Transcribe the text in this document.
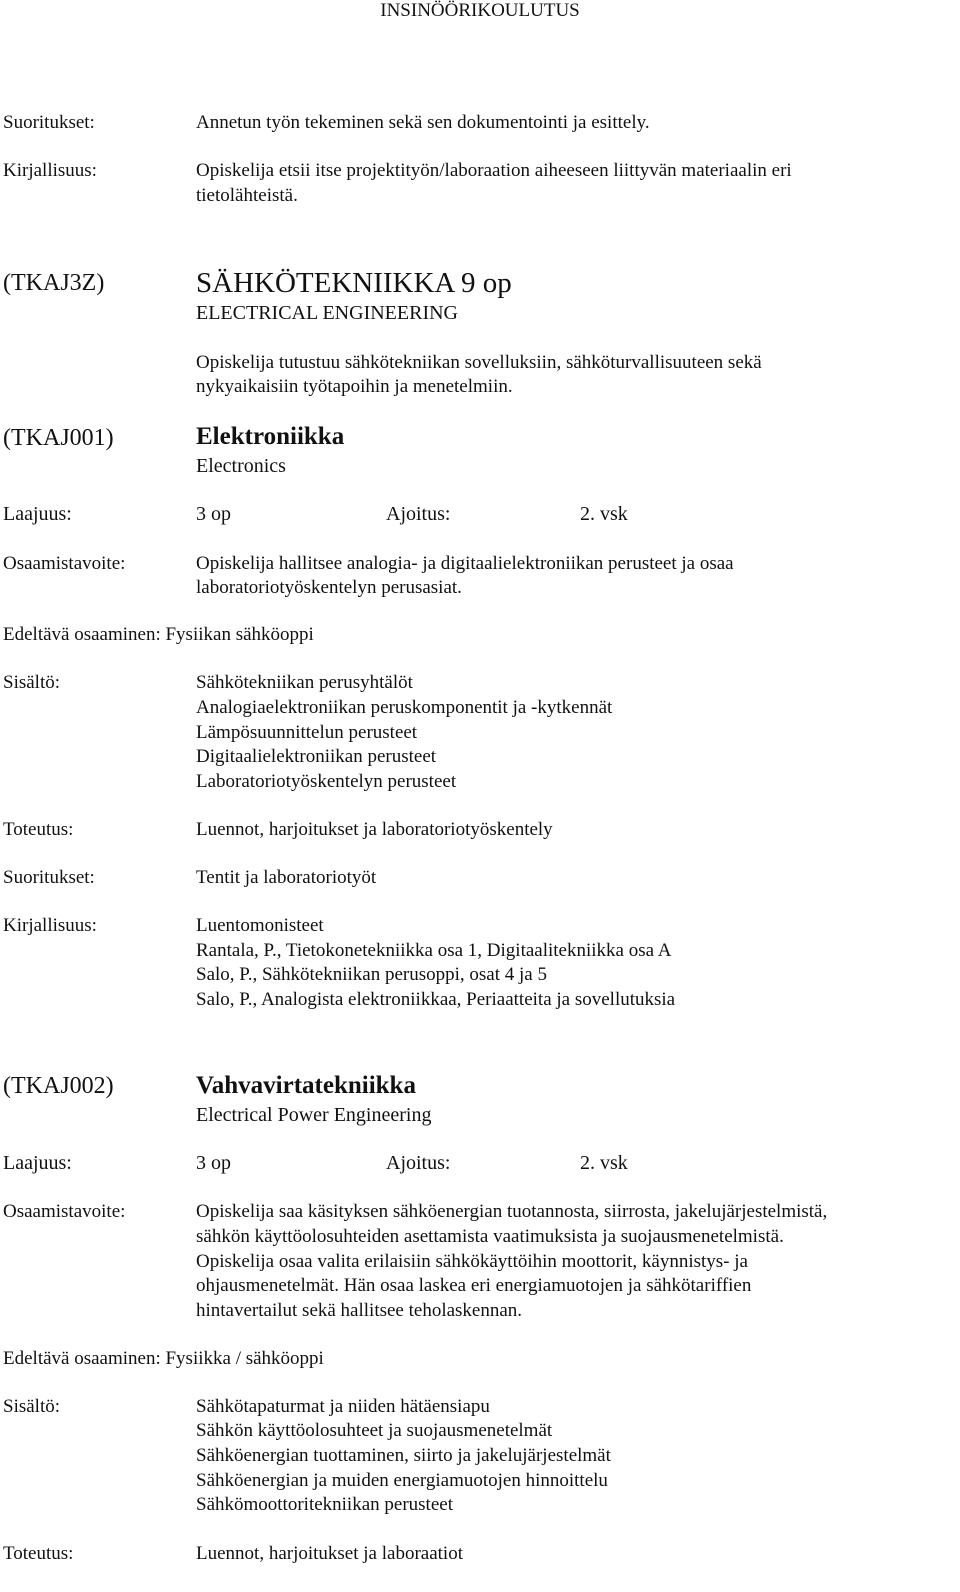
INSINÖÖRIKOULUTUS
Suoritukset:	Annetun työn tekeminen sekä sen dokumentointi ja esittely.
Kirjallisuus:	Opiskelija etsii itse projektityön/laboraation aiheeseen liittyvän materiaalin eri
tietolähteistä.
(TKAJ3Z)	SÄHKÖTEKNIIKKA 9 op
ELECTRICAL ENGINEERING
Opiskelija tutustuu sähkötekniikan sovelluksiin, sähköturvallisuuteen sekä
nykyaikaisiin työtapoihin ja menetelmiin.
(TKAJ001)	Elektroniikka
Electronics
Laajuus:	3 op	Ajoitus:	2. vsk
Osaamistavoite:	Opiskelija hallitsee analogia- ja digitaalielektroniikan perusteet ja osaa
laboratoriotyöskentelyn perusasiat.
Edeltävä osaaminen: Fysiikan sähköoppi
Sisältö:	Sähkötekniikan perusyhtälöt
Analogiaelektroniikan peruskomponentit ja -kytkennät
Lämpösuunnittelun perusteet
Digitaalielektroniikan perusteet
Laboratoriotyöskentelyn perusteet
Toteutus:	Luennot, harjoitukset ja laboratoriotyöskentely
Suoritukset:	Tentit ja laboratoriotyöt
Kirjallisuus:	Luentomonisteet
Rantala, P., Tietokonetekniikka osa 1, Digitaalitekniikka osa A
Salo, P., Sähkötekniikan perusoppi, osat 4 ja 5
Salo, P., Analogista elektroniikkaa, Periaatteita ja sovellutuksia
(TKAJ002)	Vahvavirtatekniikka
Electrical Power Engineering
Laajuus:	3 op	Ajoitus:	2. vsk
Osaamistavoite:	Opiskelija saa käsityksen sähköenergian tuotannosta, siirrosta, jakelujärjestelmistä,
sähkön käyttöolosuhteiden asettamista vaatimuksista ja suojausmenetelmistä.
Opiskelija osaa valita erilaisiin sähkökäyttöihin moottorit, käynnistys- ja
ohjausmenetelmät. Hän osaa laskea eri energiamuotojen ja sähkötariffien
hintavertailut sekä hallitsee teholaskennan.
Edeltävä osaaminen: Fysiikka / sähköoppi
Sisältö:	Sähkötapaturmat ja niiden hätäensiapu
Sähkön käyttöolosuhteet ja suojausmenetelmät
Sähköenergian tuottaminen, siirto ja jakelujärjestelmät
Sähköenergian ja muiden energiamuotojen hinnoittelu
Sähkömoottoritekniikan perusteet
Toteutus:	Luennot, harjoitukset ja laboraatiot
